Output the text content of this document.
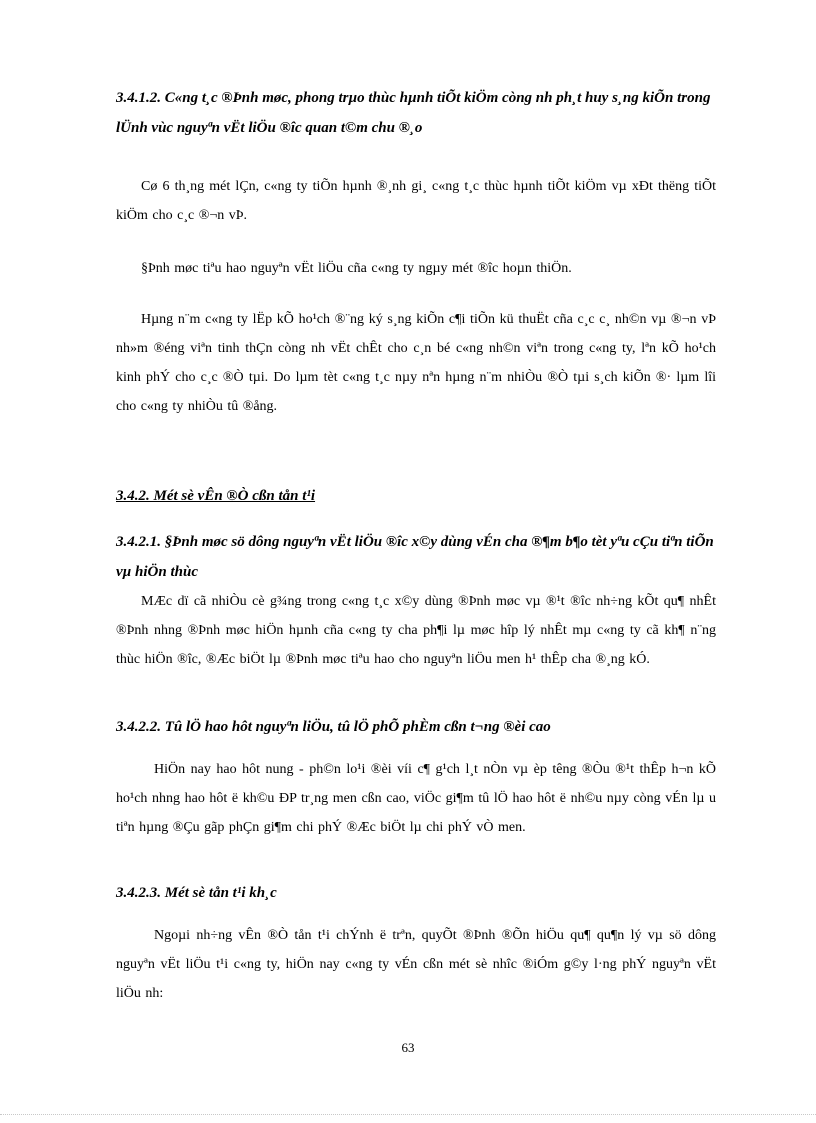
3.4.1.2. C«ng t¸c ®Þnh møc, phong trµo thùc hµnh tiÕt kiÖm còng nh ph¸t huy s¸ng kiÕn trong lÜnh vùc nguyªn vËt liÖu ®îc quan t©m chu ®¸o

Cø 6 th¸ng mét lÇn, c«ng ty tiÕn hµnh ®¸nh gi¸ c«ng t¸c thùc hµnh tiÕt kiÖm vµ xÐt thëng tiÕt kiÖm cho c¸c ®¬n vÞ.

§Þnh møc tiªu hao nguyªn vËt liÖu cña c«ng ty ngµy mét ®îc hoµn thiÖn.

Hµng n¨m c«ng ty lËp kÕ ho¹ch ®¨ng ký s¸ng kiÕn c¶i tiÕn kü thuËt cña c¸c c¸ nh©n vµ ®¬n vÞ nh»m ®éng viªn tinh thÇn còng nh vËt chÊt cho c¸n bé c«ng nh©n viªn trong c«ng ty, lªn kÕ ho¹ch kinh phÝ cho c¸c ®Ò tµi. Do lµm tèt c«ng t¸c nµy nªn hµng n¨m nhiÒu ®Ò tµi s¸ch kiÕn ®· lµm lîi cho c«ng ty nhiÒu tû ®ång.

3.4.2. Mét sè vÊn ®Ò cßn tån t¹i

3.4.2.1. §Þnh møc sö dông nguyªn vËt liÖu ®îc x©y dùng vÉn cha ®¶m b¶o tèt yªu cÇu tiªn tiÕn vµ hiÖn thùc

MÆc dï cã nhiÒu cè g¾ng trong c«ng t¸c x©y dùng ®Þnh møc vµ ®¹t ®îc nh÷ng kÕt qu¶ nhÊt ®Þnh nhng ®Þnh møc hiÖn hµnh cña c«ng ty cha ph¶i lµ møc hîp lý nhÊt mµ c«ng ty cã kh¶ n¨ng thùc hiÖn ®îc, ®Æc biÖt lµ ®Þnh møc tiªu hao cho nguyªn liÖu men h¹ thÊp cha ®¸ng kÓ.

3.4.2.2. Tû lÖ hao hôt nguyªn liÖu, tû lÖ phÕ phÈm cßn t¬ng ®èi cao

HiÖn nay hao hôt nung - ph©n lo¹i ®èi víi c¶ g¹ch l¸t nÒn vµ èp têng ®Òu ®¹t thÊp h¬n kÕ ho¹ch nhng hao hôt ë kh©u ÐP tr¸ng men cßn cao, viÖc gi¶m tû lÖ hao hôt ë nh©u nµy còng vÉn lµ u tiªn hµng ®Çu gãp phÇn gi¶m chi phÝ ®Æc biÖt lµ chi phÝ vÒ men.

3.4.2.3. Mét sè tån t¹i kh¸c

Ngoµi nh÷ng vÊn ®Ò tån t¹i chÝnh ë trªn, quyÕt ®Þnh ®Õn hiÖu qu¶ qu¶n lý vµ sö dông nguyªn vËt liÖu t¹i c«ng ty, hiÖn nay c«ng ty vÉn cßn mét sè nhîc ®iÓm g©y l·ng phÝ nguyªn vËt liÖu nh:

63
